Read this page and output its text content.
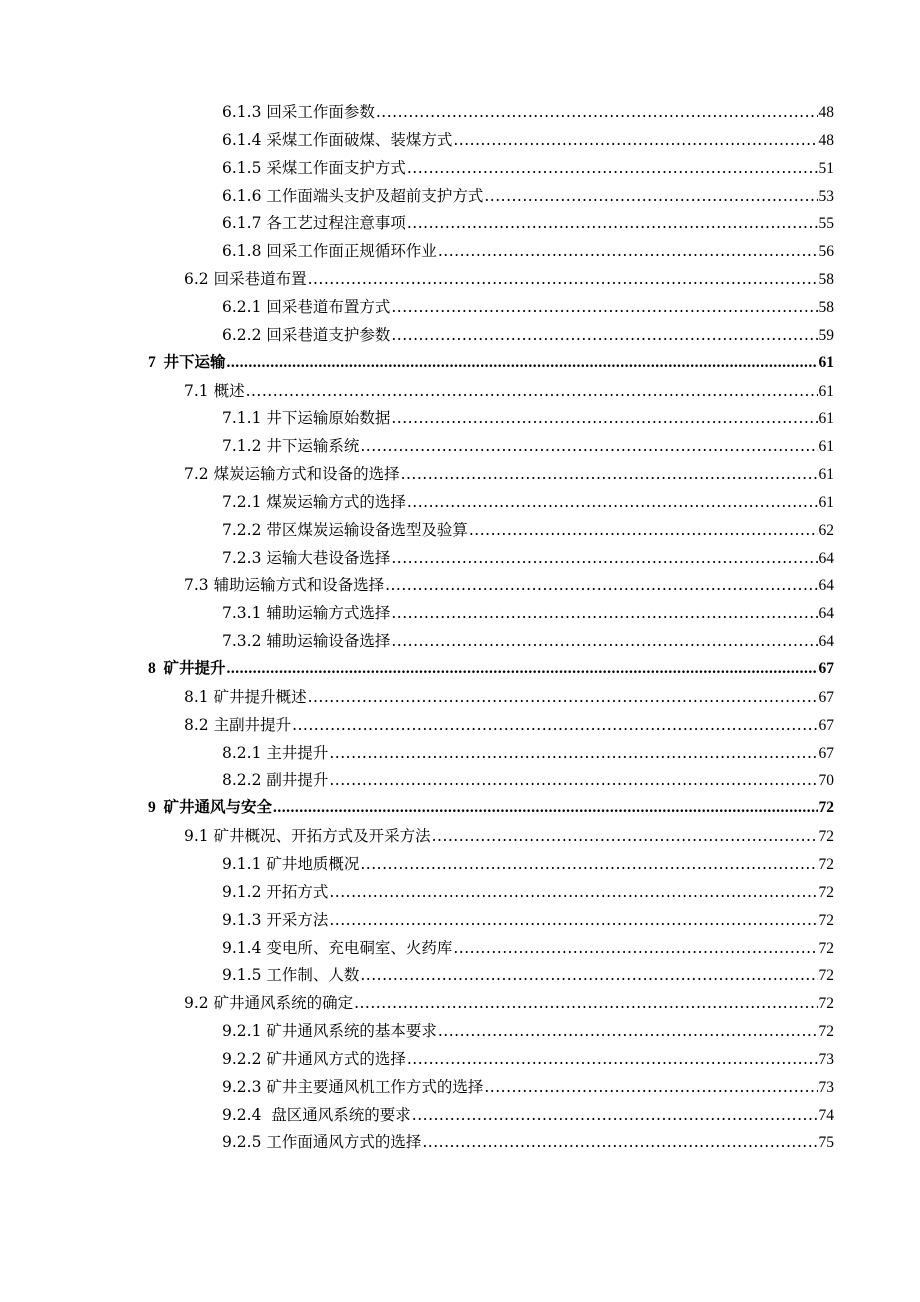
6.1.3 回采工作面参数 .....	48
6.1.4 采煤工作面破煤、装煤方式 .....	48
6.1.5 采煤工作面支护方式 .....	51
6.1.6 工作面端头支护及超前支护方式 .....	53
6.1.7 各工艺过程注意事项 .....	55
6.1.8 回采工作面正规循环作业 .....	56
6.2 回采巷道布置 .....	58
6.2.1 回采巷道布置方式 .....	58
6.2.2 回采巷道支护参数 .....	59
7  井下运输 .....	61
7.1 概述 .....	61
7.1.1 井下运输原始数据 .....	61
7.1.2 井下运输系统 .....	61
7.2 煤炭运输方式和设备的选择 .....	61
7.2.1 煤炭运输方式的选择 .....	61
7.2.2 带区煤炭运输设备选型及验算 .....	62
7.2.3 运输大巷设备选择 .....	64
7.3 辅助运输方式和设备选择 .....	64
7.3.1 辅助运输方式选择 .....	64
7.3.2 辅助运输设备选择 .....	64
8  矿井提升 .....	67
8.1 矿井提升概述 .....	67
8.2 主副井提升 .....	67
8.2.1 主井提升 .....	67
8.2.2 副井提升 .....	70
9  矿井通风与安全 .....	72
9.1 矿井概况、开拓方式及开采方法 .....	72
9.1.1 矿井地质概况 .....	72
9.1.2 开拓方式 .....	72
9.1.3 开采方法 .....	72
9.1.4 变电所、充电硐室、火药库 .....	72
9.1.5 工作制、人数 .....	72
9.2 矿井通风系统的确定 .....	72
9.2.1 矿井通风系统的基本要求 .....	72
9.2.2 矿井通风方式的选择 .....	73
9.2.3 矿井主要通风机工作方式的选择 .....	73
9.2.4  盘区通风系统的要求 .....	74
9.2.5 工作面通风方式的选择 .....	75
